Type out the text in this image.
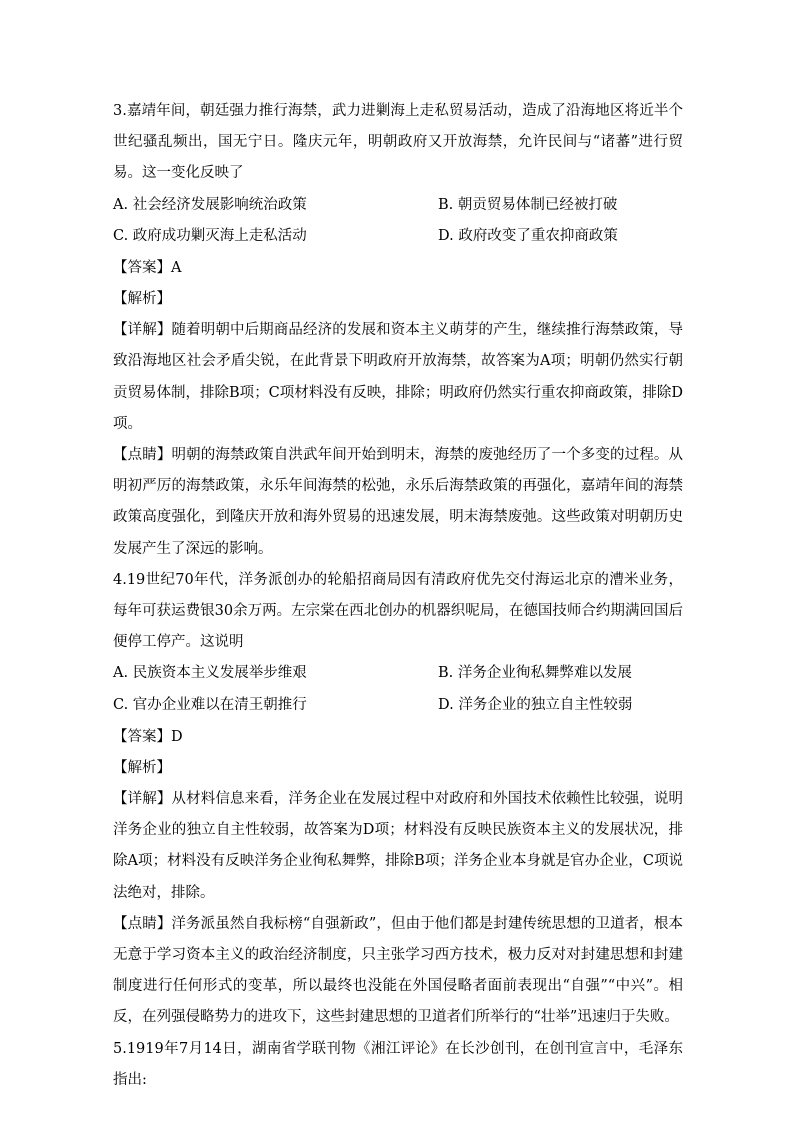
3.嘉靖年间，朝廷强力推行海禁，武力进剿海上走私贸易活动，造成了沿海地区将近半个世纪骚乱频出，国无宁日。隆庆元年，明朝政府又开放海禁，允许民间与“诸蕃”进行贸易。这一变化反映了

A. 社会经济发展影响统治政策	B. 朝贡贸易体制已经被打破
C. 政府成功剿灭海上走私活动	D. 政府改变了重农抑商政策

【答案】A

【解析】

【详解】随着明朝中后期商品经济的发展和资本主义萌芽的产生，继续推行海禁政策，导致沿海地区社会矛盾尖锐，在此背景下明政府开放海禁，故答案为A项；明朝仍然实行朝贡贸易体制，排除B项；C项材料没有反映，排除；明政府仍然实行重农抑商政策，排除D项。

【点睛】明朝的海禁政策自洪武年间开始到明末，海禁的废弛经历了一个多变的过程。从明初严厉的海禁政策，永乐年间海禁的松弛，永乐后海禁政策的再强化，嘉靖年间的海禁政策高度强化，到隆庆开放和海外贸易的迅速发展，明末海禁废弛。这些政策对明朝历史发展产生了深远的影响。

4.19世纪70年代，洋务派创办的轮船招商局因有清政府优先交付海运北京的漕米业务，每年可获运费银30余万两。左宗棠在西北创办的机器织呢局，在德国技师合约期满回国后便停工停产。这说明

A. 民族资本主义发展举步维艰	B. 洋务企业徇私舞弊难以发展
C. 官办企业难以在清王朝推行	D. 洋务企业的独立自主性较弱

【答案】D

【解析】

【详解】从材料信息来看，洋务企业在发展过程中对政府和外国技术依赖性比较强，说明洋务企业的独立自主性较弱，故答案为D项；材料没有反映民族资本主义的发展状况，排除A项；材料没有反映洋务企业徇私舞弊，排除B项；洋务企业本身就是官办企业，C项说法绝对，排除。

【点睛】洋务派虽然自我标榜“自强新政”，但由于他们都是封建传统思想的卫道者，根本无意于学习资本主义的政治经济制度，只主张学习西方技术，极力反对对封建思想和封建制度进行任何形式的变革，所以最终也没能在外国侵略者面前表现出“自强”“中兴”。相反，在列强侵略势力的进攻下，这些封建思想的卫道者们所举行的“壮举”迅速归于失败。

5.1919年7月14日，湖南省学联刊物《湘江评论》在长沙创刊，在创刊宣言中，毛泽东指出:
